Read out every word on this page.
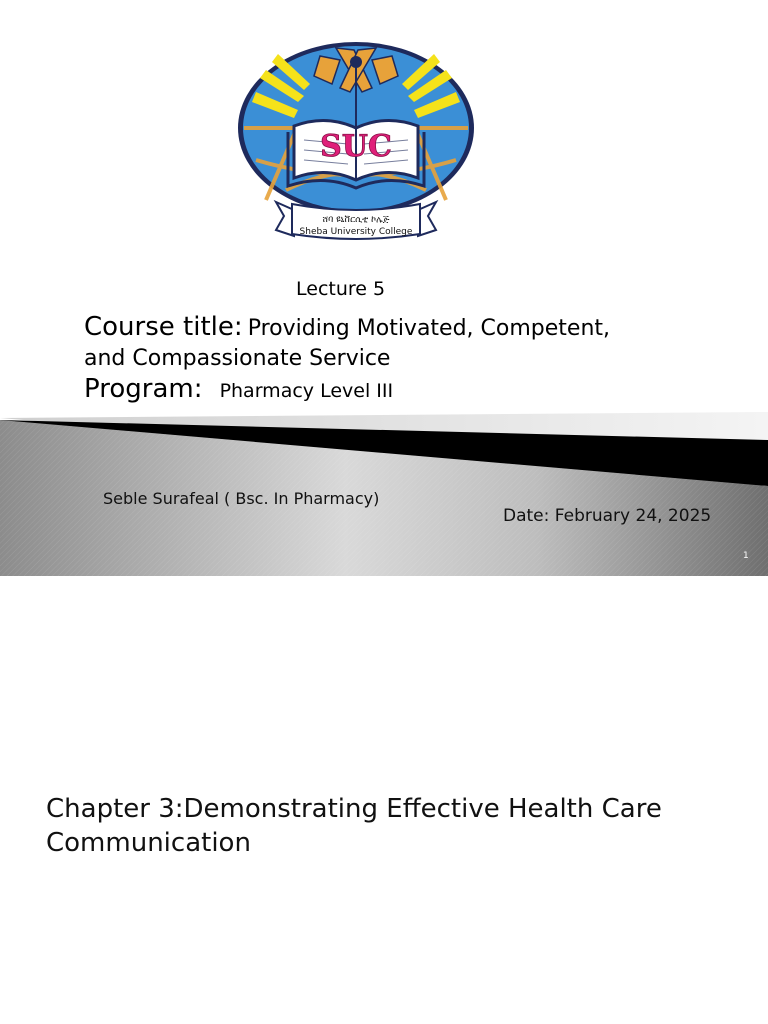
SUC
ሸባ ዩኒቨርሲቲ ኮሌጅ
Sheba University College
Lecture 5
Course title: Providing Motivated, Competent,
and Compassionate Service
Program: Pharmacy Level III
Seble Surafeal ( Bsc. In Pharmacy)
Date: February 24, 2025
1
Chapter 3:Demonstrating Effective Health Care Communication
